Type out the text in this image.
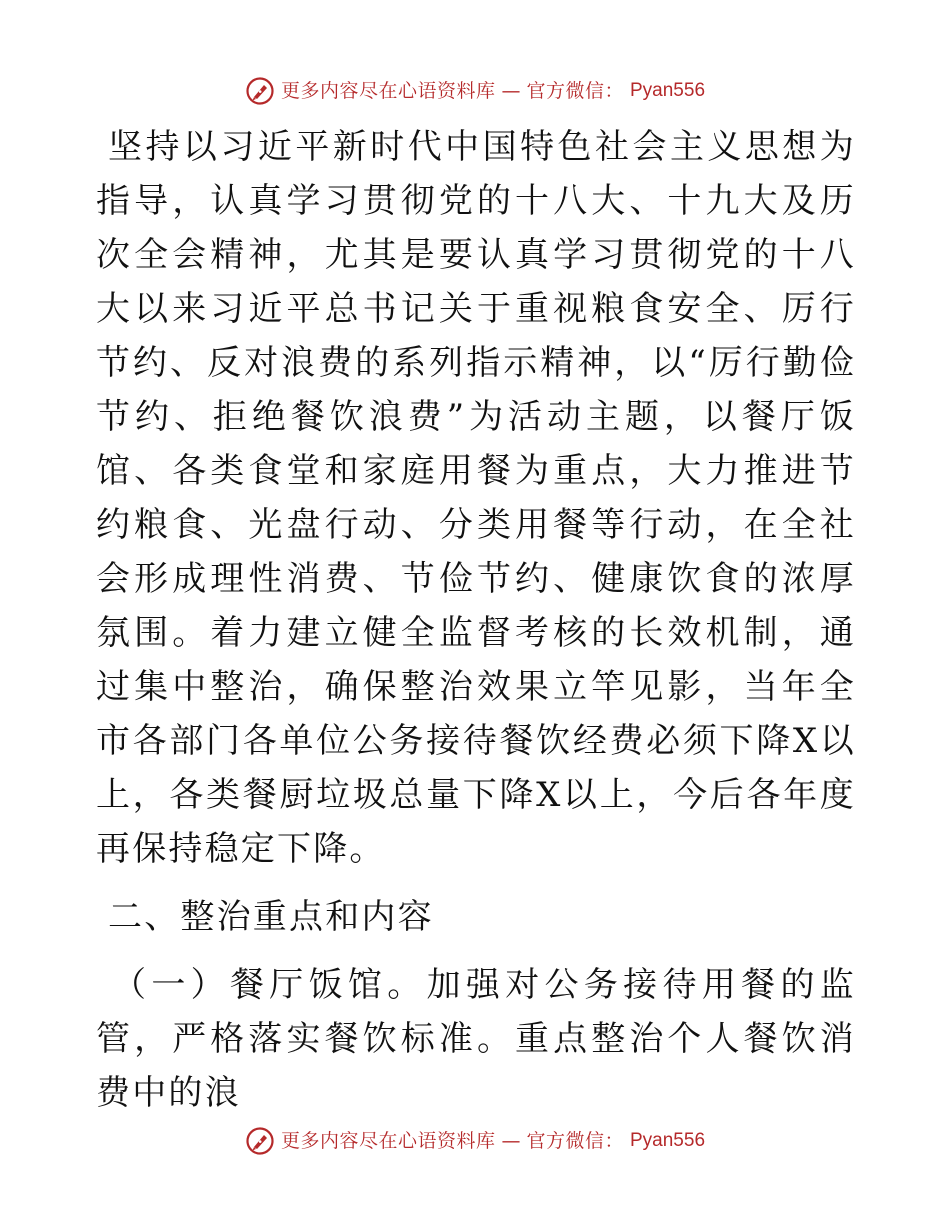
更多内容尽在心语资料库 — 官方微信： Pyan556

坚持以习近平新时代中国特色社会主义思想为指导，认真学习贯彻党的十八大、十九大及历次全会精神，尤其是要认真学习贯彻党的十八大以来习近平总书记关于重视粮食安全、厉行节约、反对浪费的系列指示精神，以“厉行勤俭节约、拒绝餐饮浪费”为活动主题，以餐厅饭馆、各类食堂和家庭用餐为重点，大力推进节约粮食、光盘行动、分类用餐等行动，在全社会形成理性消费、节俭节约、健康饮食的浓厚氛围。着力建立健全监督考核的长效机制，通过集中整治，确保整治效果立竿见影，当年全市各部门各单位公务接待餐饮经费必须下降X以上，各类餐厨垃圾总量下降X以上，今后各年度再保持稳定下降。

二、整治重点和内容

（一）餐厅饭馆。加强对公务接待用餐的监管，严格落实餐饮标准。重点整治个人餐饮消费中的浪

更多内容尽在心语资料库 — 官方微信： Pyan556
